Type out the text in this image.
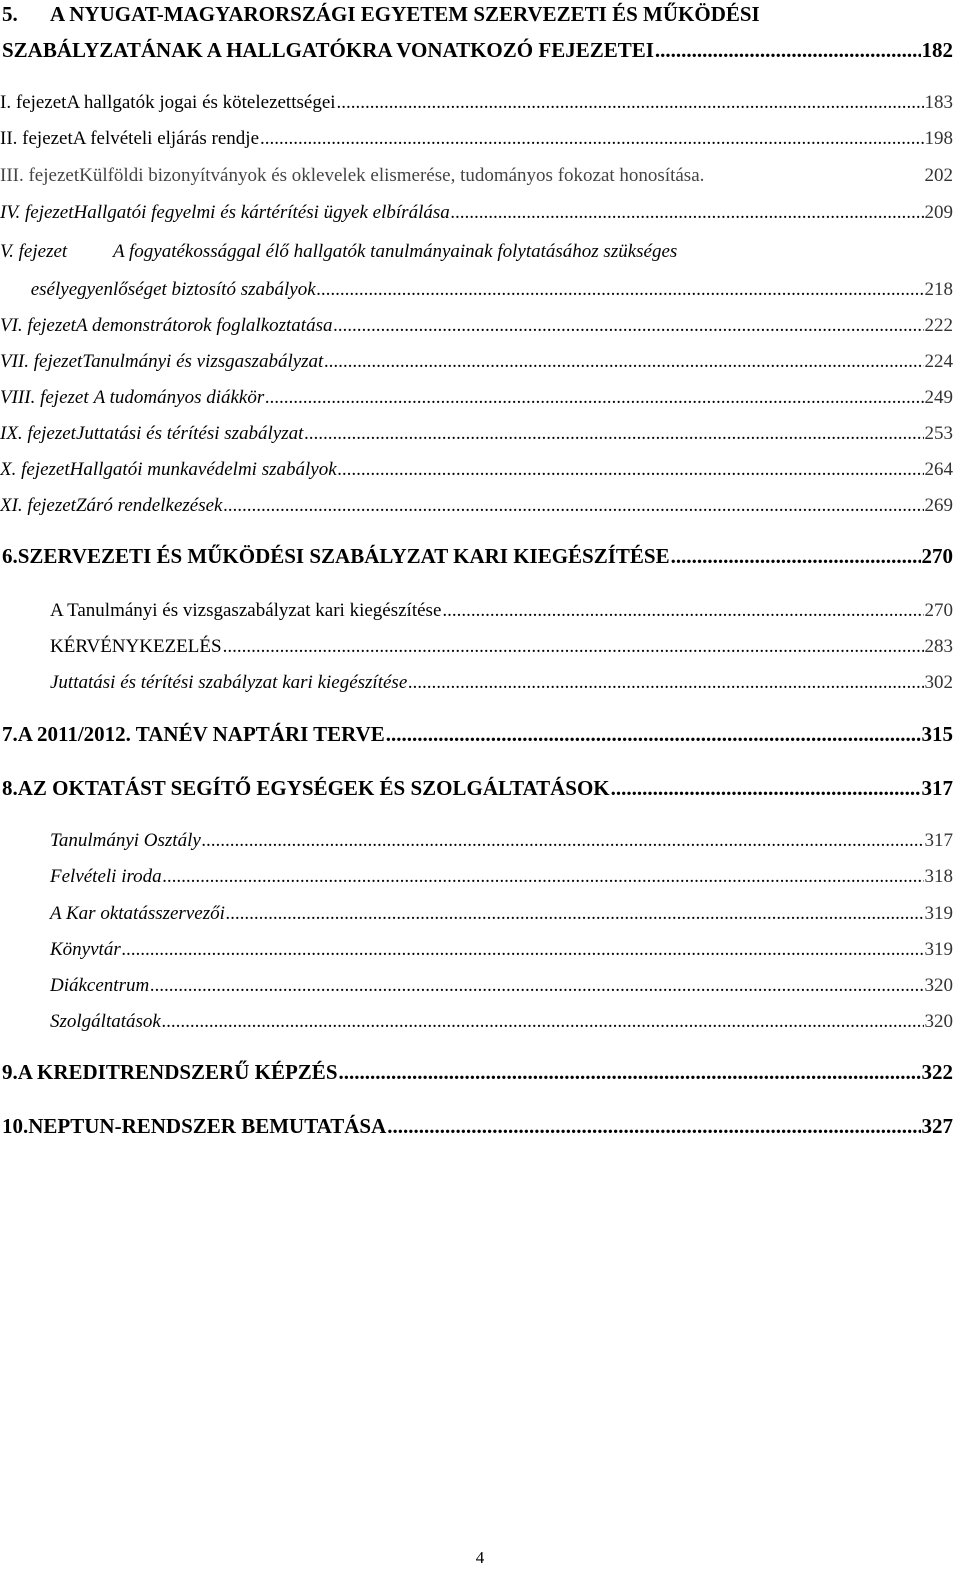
5.	A NYUGAT-MAGYARORSZÁGI EGYETEM SZERVEZETI ÉS MŰKÖDÉSI
SZABÁLYZATÁNAK A HALLGATÓKRA VONATKOZÓ FEJEZETEI .....	182
I. fejezet A hallgatók jogai és kötelezettségei .....	183
II. fejezet A felvételi eljárás rendje .....	198
III. fejezet Külföldi bizonyítványok és oklevelek elismerése, tudományos fokozat honosítása.	202
IV. fejezet Hallgatói fegyelmi és kártérítési ügyek elbírálása .....	209
V. fejezet	A fogyatékossággal élő hallgatók tanulmányainak folytatásához szükséges
esélyegyenlőséget biztosító szabályok .....	218
VI. fejezet A demonstrátorok foglalkoztatása .....	222
VII. fejezet Tanulmányi és vizsgaszabályzat .....	224
VIII. fejezet A tudományos diákkör .....	249
IX. fejezet Juttatási és térítési szabályzat .....	253
X. fejezet Hallgatói munkavédelmi szabályok .....	264
XI. fejezet Záró rendelkezések .....	269
6. SZERVEZETI ÉS MŰKÖDÉSI SZABÁLYZAT KARI KIEGÉSZÍTÉSE .....	270
A Tanulmányi és vizsgaszabályzat kari kiegészítése .....	270
KÉRVÉNYKEZELÉS .....	283
Juttatási és térítési szabályzat kari kiegészítése .....	302
7. A 2011/2012. TANÉV NAPTÁRI TERVE .....	315
8. AZ OKTATÁST SEGÍTŐ EGYSÉGEK ÉS SZOLGÁLTATÁSOK .....	317
Tanulmányi Osztály .....	317
Felvételi iroda .....	318
A Kar oktatásszervezői .....	319
Könyvtár .....	319
Diákcentrum .....	320
Szolgáltatások .....	320
9. A KREDITRENDSZERŰ KÉPZÉS .....	322
10. NEPTUN-RENDSZER BEMUTATÁSA .....	327
4
